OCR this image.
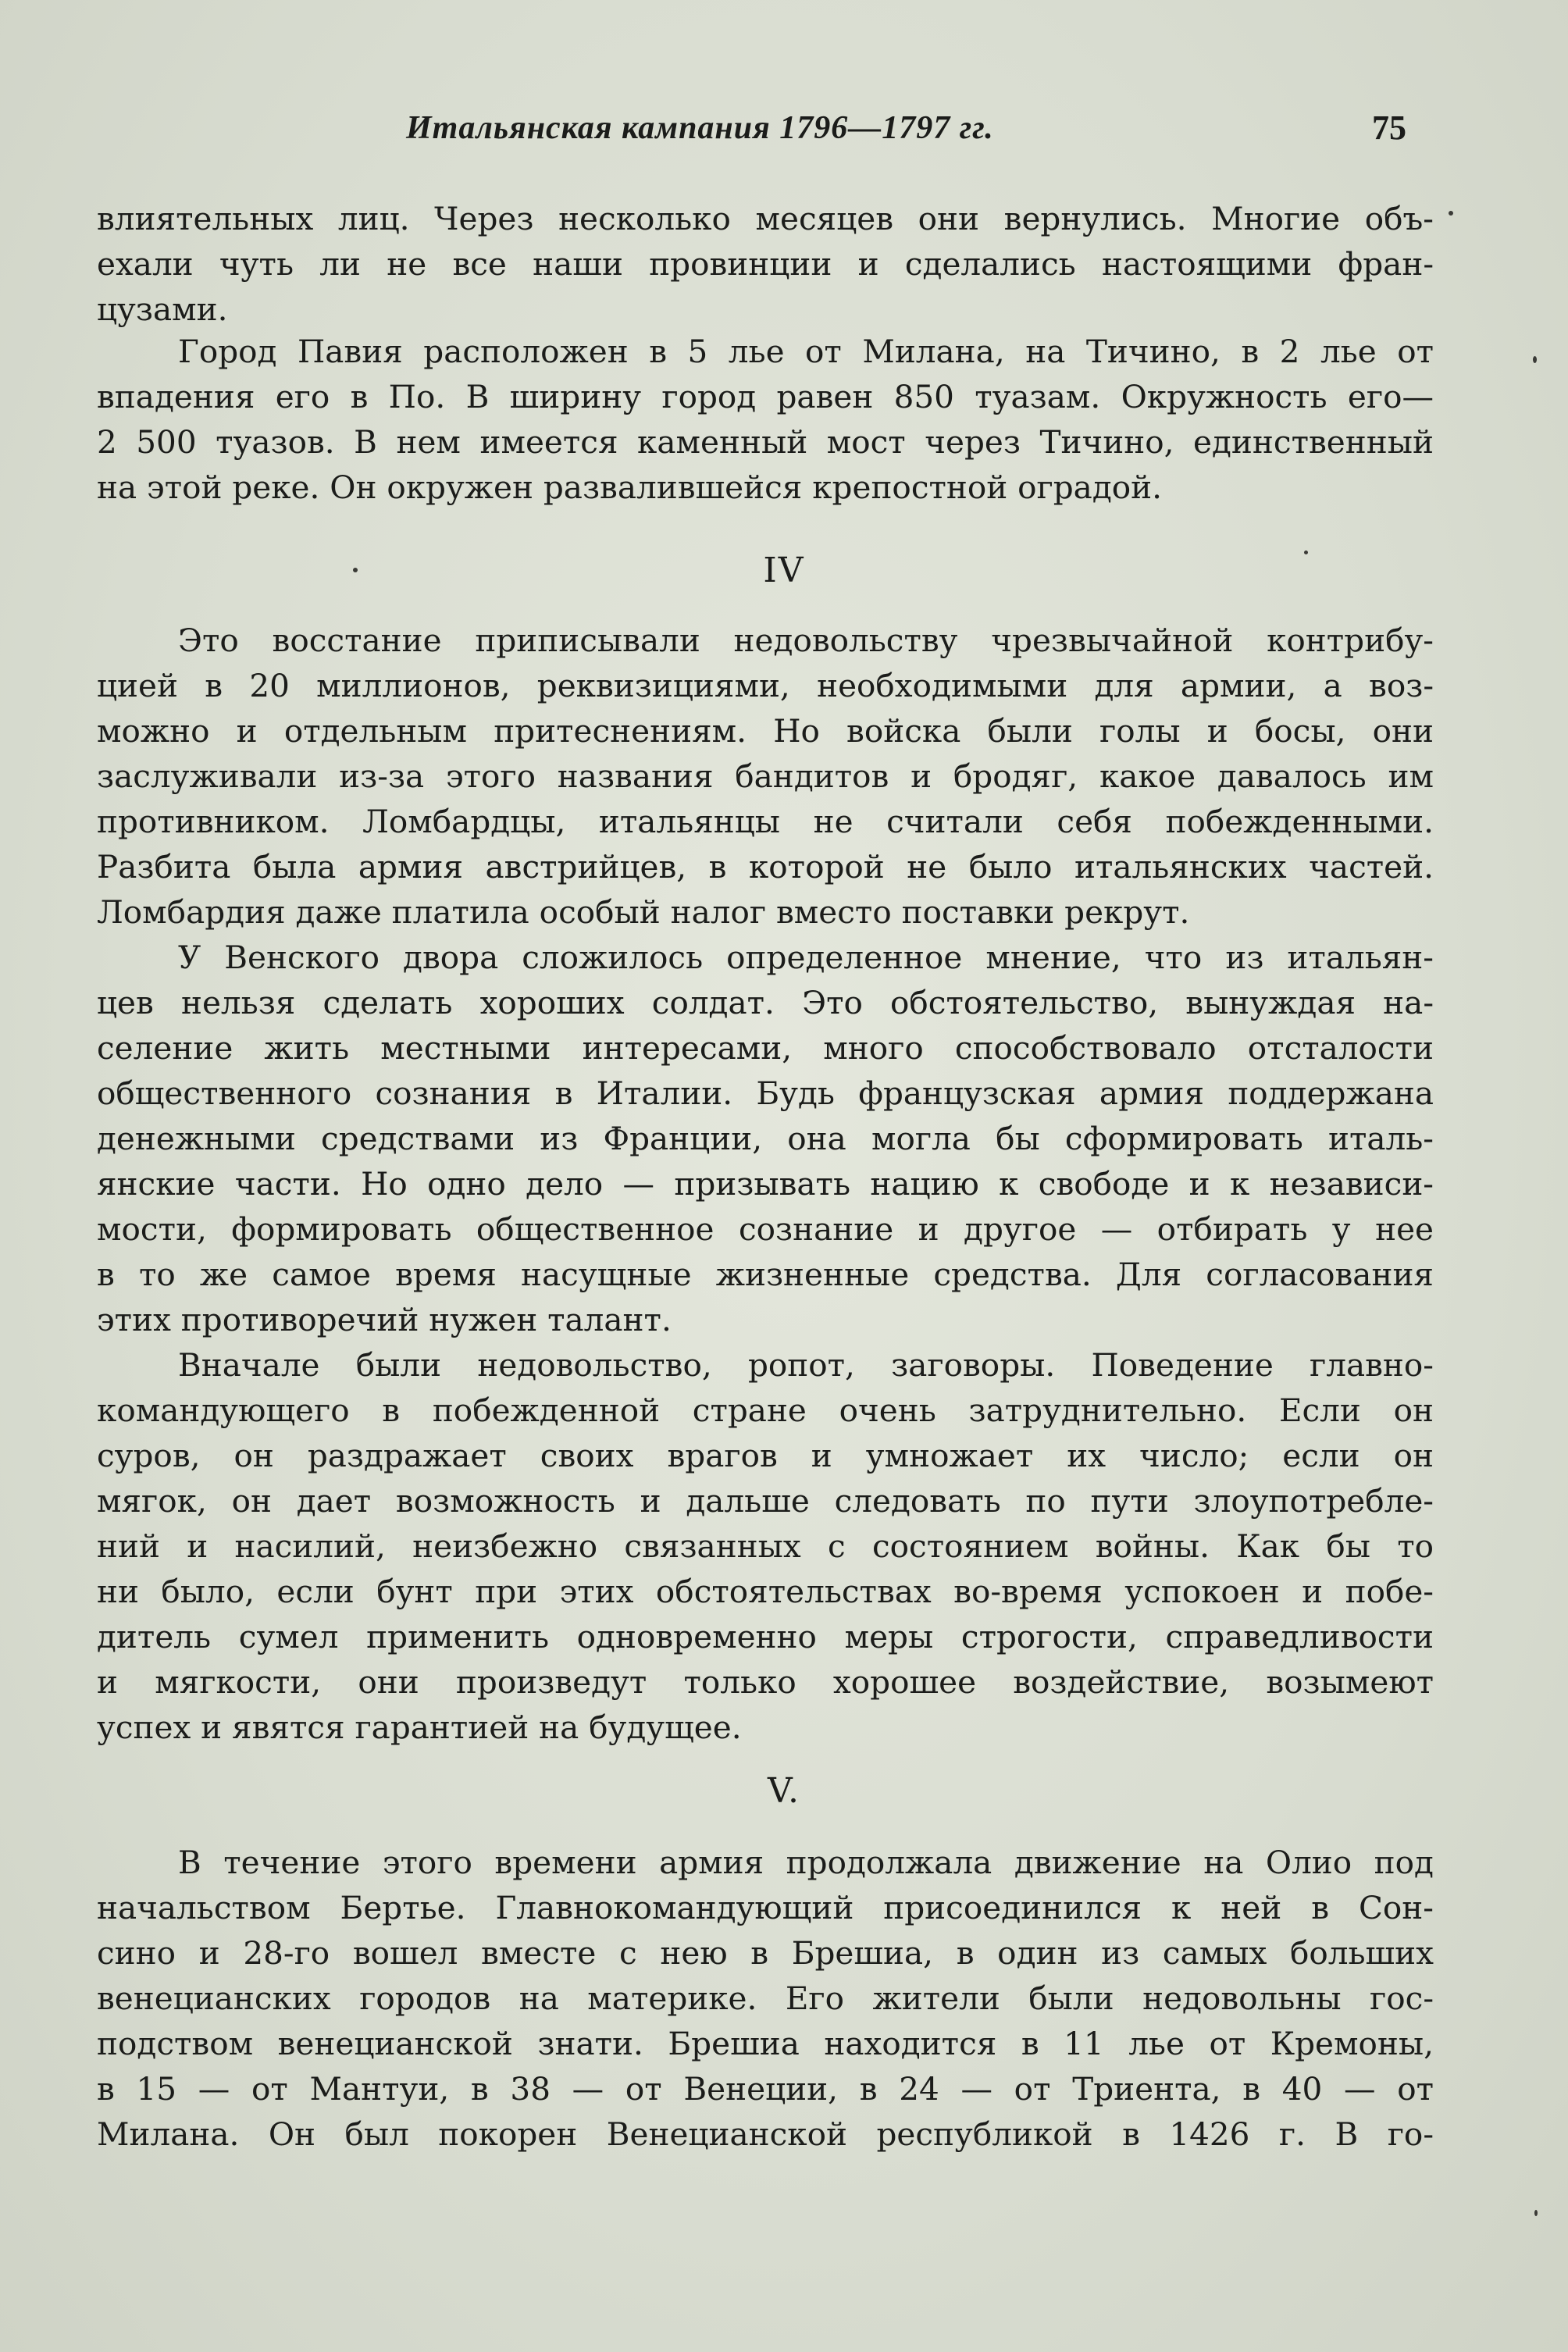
Итальянская кампания 1796—1797 гг.	75
влиятельных лиц. Через несколько месяцев они вернулись. Многие объ-
ехали чуть ли не все наши провинции и сделались настоящими фран-
цузами.
Город Павия расположен в 5 лье от Милана, на Тичино, в 2 лье от
впадения его в По. В ширину город равен 850 туазам. Окружность его—
2 500 туазов. В нем имеется каменный мост через Тичино, единственный
на этой реке. Он окружен развалившейся крепостной оградой.
IV
Это восстание приписывали недовольству чрезвычайной контрибу-
цией в 20 миллионов, реквизициями, необходимыми для армии, а воз-
можно и отдельным притеснениям. Но войска были голы и босы, они
заслуживали из-за этого названия бандитов и бродяг, какое давалось им
противником. Ломбардцы, итальянцы не считали себя побежденными.
Разбита была армия австрийцев, в которой не было итальянских частей.
Ломбардия даже платила особый налог вместо поставки рекрут.
У Венского двора сложилось определенное мнение, что из итальян-
цев нельзя сделать хороших солдат. Это обстоятельство, вынуждая на-
селение жить местными интересами, много способствовало отсталости
общественного сознания в Италии. Будь французская армия поддержана
денежными средствами из Франции, она могла бы сформировать италь-
янские части. Но одно дело — призывать нацию к свободе и к независи-
мости, формировать общественное сознание и другое — отбирать у нее
в то же самое время насущные жизненные средства. Для согласования
этих противоречий нужен талант.
Вначале были недовольство, ропот, заговоры. Поведение главно-
командующего в побежденной стране очень затруднительно. Если он
суров, он раздражает своих врагов и умножает их число; если он
мягок, он дает возможность и дальше следовать по пути злоупотребле-
ний и насилий, неизбежно связанных с состоянием войны. Как бы то
ни было, если бунт при этих обстоятельствах во-время успокоен и побе-
дитель сумел применить одновременно меры строгости, справедливости
и мягкости, они произведут только хорошее воздействие, возымеют
успех и явятся гарантией на будущее.
V.
В течение этого времени армия продолжала движение на Олио под
начальством Бертье. Главнокомандующий присоединился к ней в Сон-
сино и 28-го вошел вместе с нею в Брешиа, в один из самых больших
венецианских городов на материке. Его жители были недовольны гос-
подством венецианской знати. Брешиа находится в 11 лье от Кремоны,
в 15 — от Мантуи, в 38 — от Венеции, в 24 — от Триента, в 40 — от
Милана. Он был покорен Венецианской республикой в 1426 г. В го-
